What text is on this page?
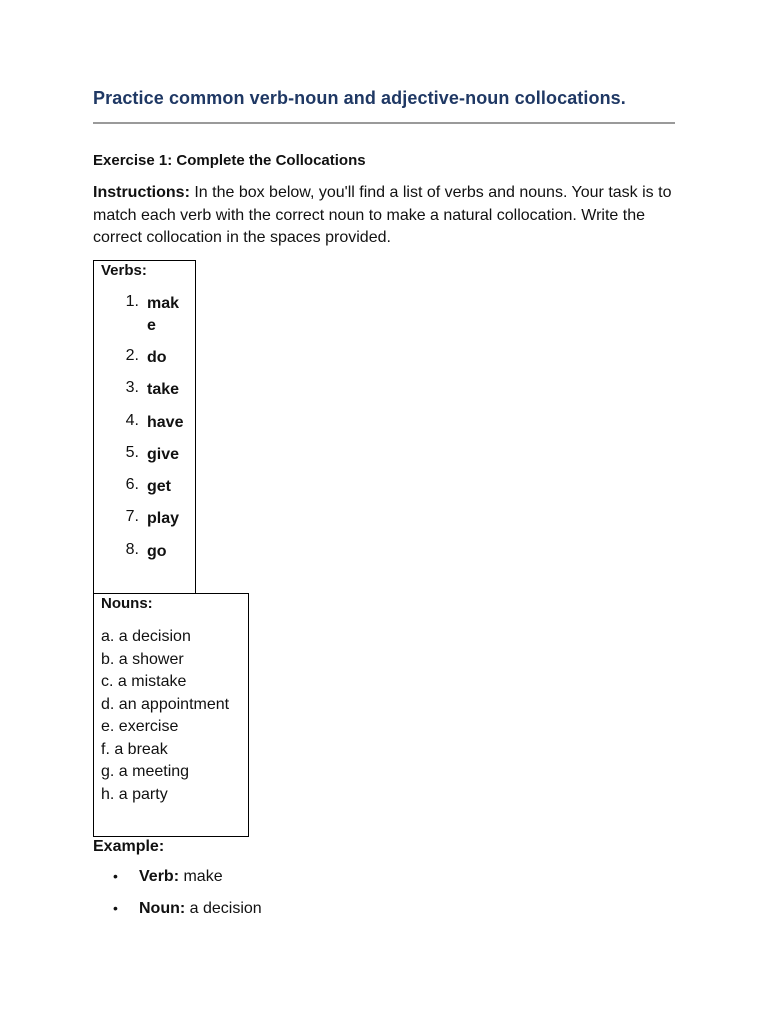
Practice common verb-noun and adjective-noun collocations.
Exercise 1: Complete the Collocations
Instructions: In the box below, you'll find a list of verbs and nouns. Your task is to match each verb with the correct noun to make a natural collocation. Write the correct collocation in the spaces provided.
Verbs:
1. make
2. do
3. take
4. have
5. give
6. get
7. play
8. go
Nouns:
a. a decision
b. a shower
c. a mistake
d. an appointment
e. exercise
f. a break
g. a meeting
h. a party
Example:
• Verb: make
• Noun: a decision
